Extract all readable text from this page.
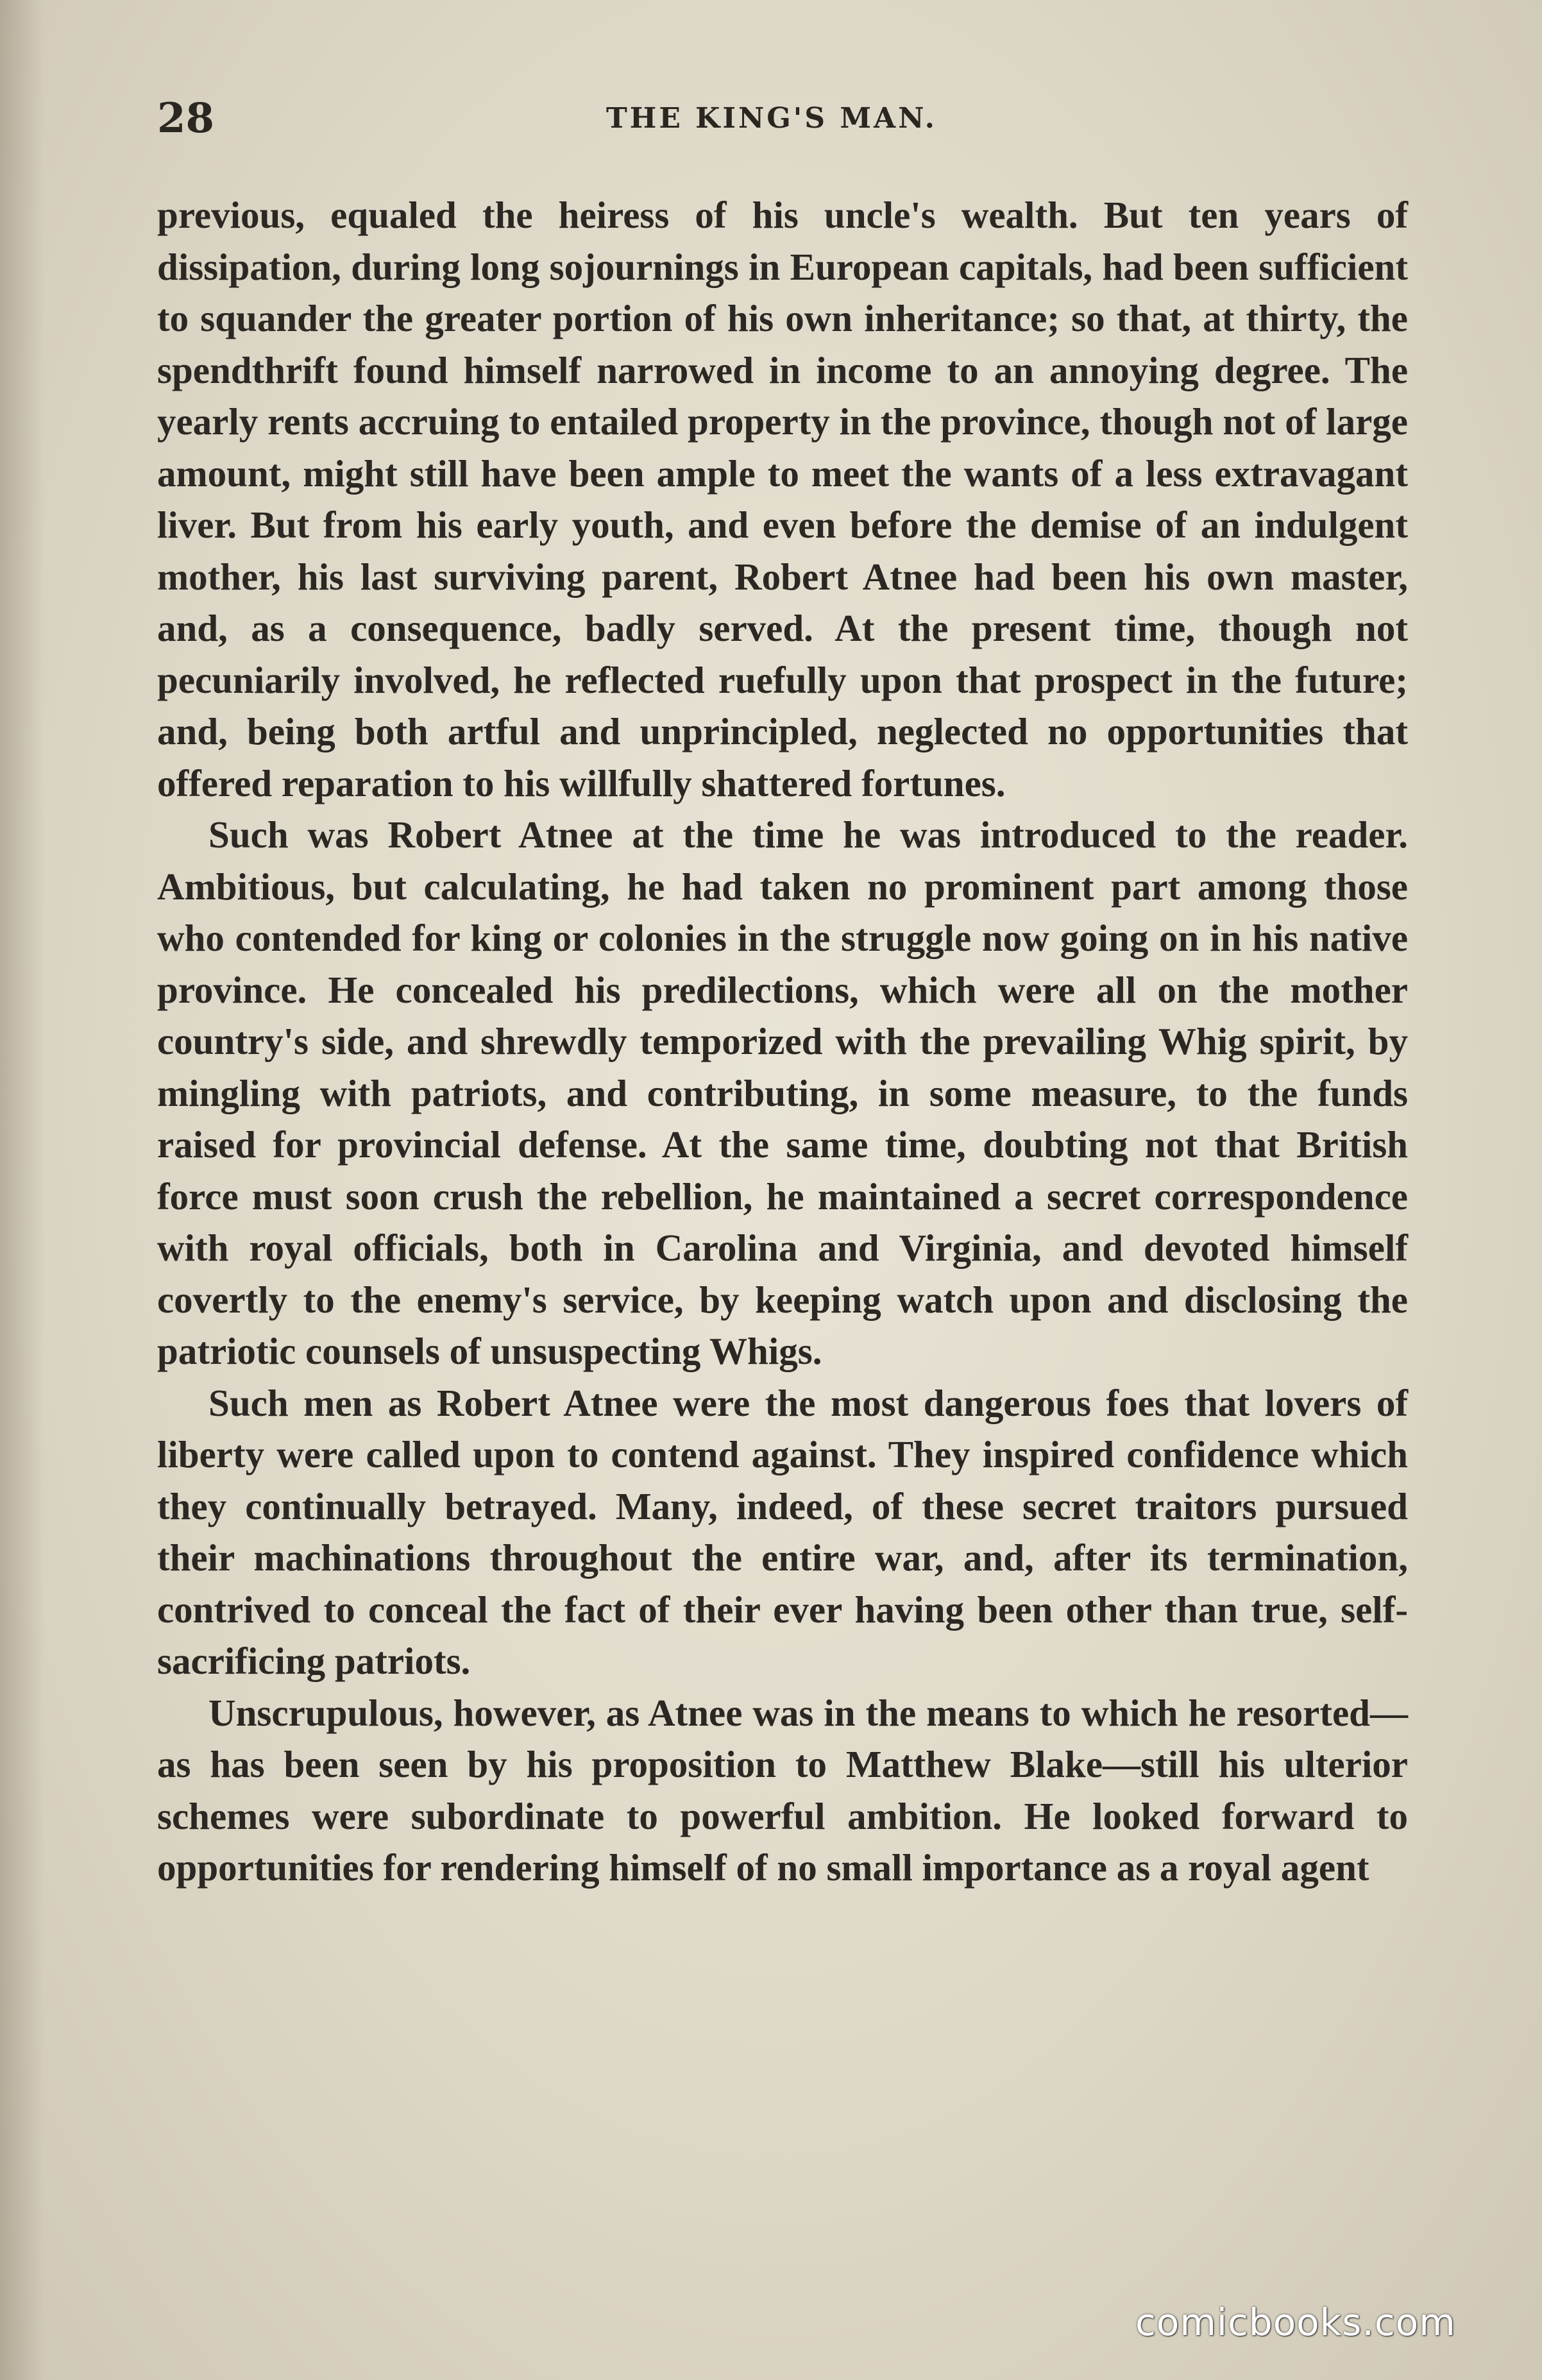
28	THE KING'S MAN.

previous, equaled the heiress of his uncle's wealth. But ten years of dissipation, during long sojournings in European capitals, had been sufficient to squander the greater portion of his own inheritance; so that, at thirty, the spendthrift found himself narrowed in income to an annoying degree. The yearly rents accruing to entailed property in the province, though not of large amount, might still have been ample to meet the wants of a less extravagant liver. But from his early youth, and even before the demise of an indulgent mother, his last surviving parent, Robert Atnee had been his own master, and, as a consequence, badly served. At the present time, though not pecuniarily involved, he reflected ruefully upon that prospect in the future; and, being both artful and unprincipled, neglected no opportunities that offered reparation to his willfully shattered fortunes.

Such was Robert Atnee at the time he was introduced to the reader. Ambitious, but calculating, he had taken no prominent part among those who contended for king or colonies in the struggle now going on in his native province. He concealed his predilections, which were all on the mother country's side, and shrewdly temporized with the prevailing Whig spirit, by mingling with patriots, and contributing, in some measure, to the funds raised for provincial defense. At the same time, doubting not that British force must soon crush the rebellion, he maintained a secret correspondence with royal officials, both in Carolina and Virginia, and devoted himself covertly to the enemy's service, by keeping watch upon and disclosing the patriotic counsels of unsuspecting Whigs.

Such men as Robert Atnee were the most dangerous foes that lovers of liberty were called upon to contend against. They inspired confidence which they continually betrayed. Many, indeed, of these secret traitors pursued their machinations throughout the entire war, and, after its termination, contrived to conceal the fact of their ever having been other than true, self-sacrificing patriots.

Unscrupulous, however, as Atnee was in the means to which he resorted—as has been seen by his proposition to Matthew Blake—still his ulterior schemes were subordinate to powerful ambition. He looked forward to opportunities for rendering himself of no small importance as a royal agent

comicbooks.com
